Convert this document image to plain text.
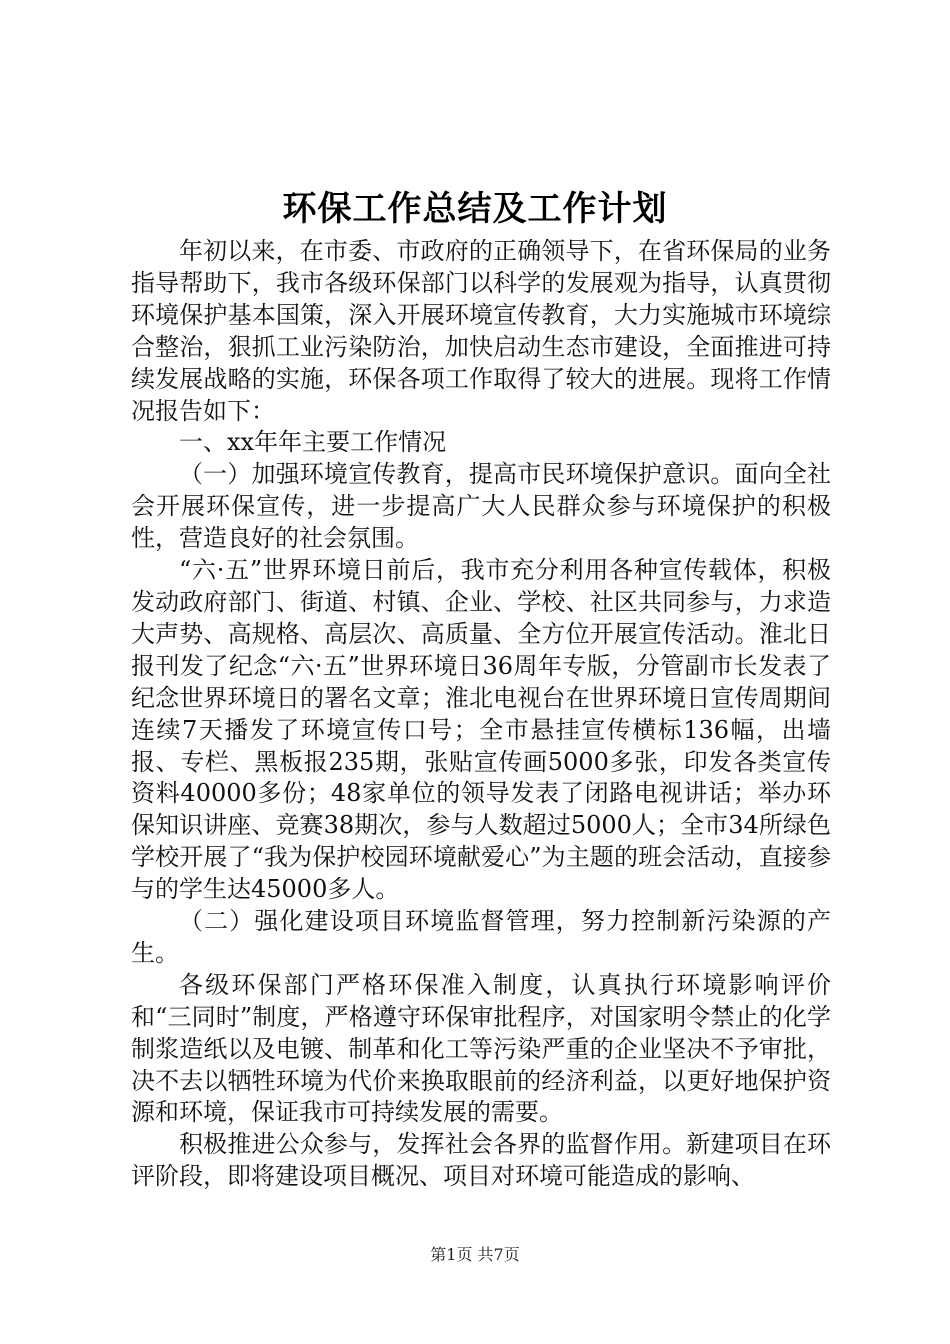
环保工作总结及工作计划

年初以来，在市委、市政府的正确领导下，在省环保局的业务指导帮助下，我市各级环保部门以科学的发展观为指导，认真贯彻环境保护基本国策，深入开展环境宣传教育，大力实施城市环境综合整治，狠抓工业污染防治，加快启动生态市建设，全面推进可持续发展战略的实施，环保各项工作取得了较大的进展。现将工作情况报告如下：

一、xx年年主要工作情况

（一）加强环境宣传教育，提高市民环境保护意识。面向全社会开展环保宣传，进一步提高广大人民群众参与环境保护的积极性，营造良好的社会氛围。

“六·五”世界环境日前后，我市充分利用各种宣传载体，积极发动政府部门、街道、村镇、企业、学校、社区共同参与，力求造大声势、高规格、高层次、高质量、全方位开展宣传活动。淮北日报刊发了纪念“六·五”世界环境日36周年专版，分管副市长发表了纪念世界环境日的署名文章；淮北电视台在世界环境日宣传周期间连续7天播发了环境宣传口号；全市悬挂宣传横标136幅，出墙报、专栏、黑板报235期，张贴宣传画5000多张，印发各类宣传资料40000多份；48家单位的领导发表了闭路电视讲话；举办环保知识讲座、竞赛38期次，参与人数超过5000人；全市34所绿色学校开展了“我为保护校园环境献爱心”为主题的班会活动，直接参与的学生达45000多人。

（二）强化建设项目环境监督管理，努力控制新污染源的产生。

各级环保部门严格环保准入制度，认真执行环境影响评价和“三同时”制度，严格遵守环保审批程序，对国家明令禁止的化学制浆造纸以及电镀、制革和化工等污染严重的企业坚决不予审批，决不去以牺牲环境为代价来换取眼前的经济利益，以更好地保护资源和环境，保证我市可持续发展的需要。

积极推进公众参与，发挥社会各界的监督作用。新建项目在环评阶段，即将建设项目概况、项目对环境可能造成的影响、

第1页 共7页
